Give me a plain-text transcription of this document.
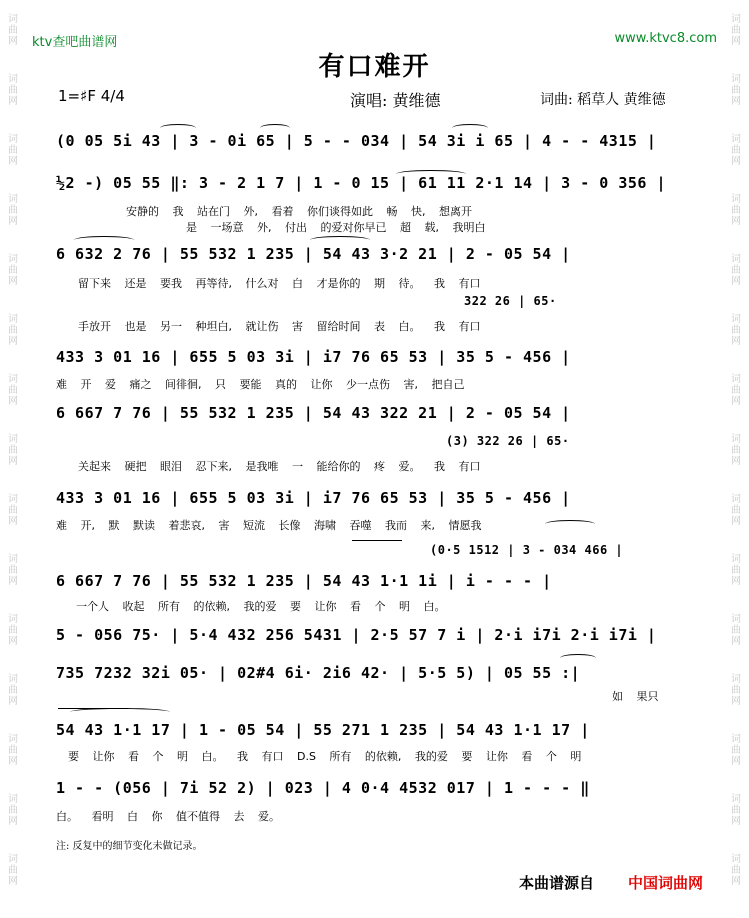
词
曲
网
词
曲
网
词
曲
网
词
曲
网
词
曲
网
词
曲
网
词
曲
网
词
曲
网
词
曲
网
词
曲
网
词
曲
网
词
曲
网
词
曲
网
词
曲
网
词
曲
网
词
曲
网
词
曲
网
词
曲
网
词
曲
网
词
曲
网
词
曲
网
词
曲
网
词
曲
网
词
曲
网
词
曲
网
词
曲
网
词
曲
网
词
曲
网
词
曲
网
词
曲
网
ktv查吧曲谱网	www.ktvc8.com
有口难开
1=♯F 4/4	演唱: 黄维德	词曲: 稻草人 黄维德
(0 05 5i 43 | 3 - 0i 65 | 5 - - 034 | 54 3i i 65 | 4 - - 4315 |
½2 -) 05 55 ‖: 3 - 2 1 7 | 1 - 0 15 | 61 11 2·1 14 | 3 - 0 356 |
安静的 我 站在门 外, 看着 你们谈得如此 畅 快, 想离开
是 一场意 外, 付出 的爱对你早已 超 载, 我明白
6 632 2 76 | 55 532 1 235 | 54 43 3·2 21 | 2 - 05 54 |
留下来 还是 要我 再等待, 什么对 白 才是你的 期 待。 我 有口
322 26 | 65·
手放开 也是 另一 种坦白, 就让伤 害 留给时间 表 白。 我 有口
433 3 01 16 | 655 5 03 3i | i7 76 65 53 | 35 5 - 456 |
难 开 爱 痛之 间徘徊, 只 要能 真的 让你 少一点伤 害, 把自己
6 667 7 76 | 55 532 1 235 | 54 43 322 21 | 2 - 05 54 |
(3) 322 26 | 65·
关起来 硬把 眼泪 忍下来, 是我唯 一 能给你的 疼 爱。 我 有口
433 3 01 16 | 655 5 03 3i | i7 76 65 53 | 35 5 - 456 |
难 开, 默 默读 着悲哀, 害 短流 长像 海啸 吞噬 我而 来, 情愿我
(0·5 1512 | 3 - 034 466 |
6 667 7 76 | 55 532 1 235 | 54 43 1·1 1i | i - - - |
一个人 收起 所有 的依赖, 我的爱 要 让你 看 个 明 白。
5 - 056 75· | 5·4 432 256 5431 | 2·5 57 7 i | 2·i i7i 2·i i7i |
735 7232 32i 05· | 02#4 6i· 2i6 42· | 5·5 5) | 05 55 :|
如 果只
54 43 1·1 17 | 1 - 05 54 | 55 271 1 235 | 54 43 1·1 17 |
要 让你 看 个 明 白。 我 有口 D.S 所有 的依赖, 我的爱 要 让你 看 个 明
1 - - (056 | 7i 52 2) | 023 | 4 0·4 4532 017 | 1 - - - ‖
白。 看明 白 你 值不值得 去 爱。
注: 反复中的细节变化未做记录。
本曲谱源自 中国词曲网
